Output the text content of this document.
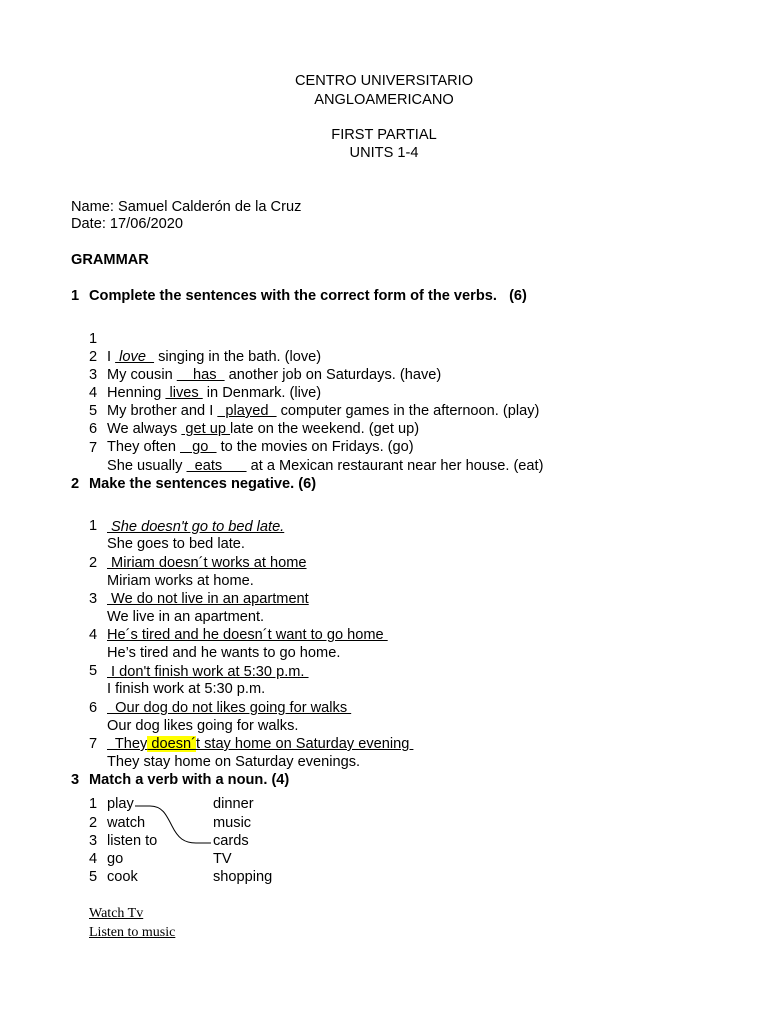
CENTRO UNIVERSITARIO
ANGLOAMERICANO
FIRST PARTIAL
UNITS 1-4
Name: Samuel Calderón de la Cruz
Date: 17/06/2020
GRAMMAR
1 Complete the sentences with the correct form of the verbs.   (6)

1

I  love   singing in the bath. (love)

2

My cousin     has   another job on Saturdays. (have)

3

Henning  lives  in Denmark. (live)

4

My brother and I   played   computer games in the afternoon. (play)

5

We always  get up late on the weekend. (get up)

6

They often    go   to the movies on Fridays. (go)

7

She usually   eats       at a Mexican restaurant near her house. (eat)

2 Make the sentences negative. (6)

1

She goes to bed late.

She doesn't go to bed late.

2

Miriam works at home.

Miriam doesn´t works at home

3

We live in an apartment.

We do not live in an apartment

4

He’s tired and he wants to go home.

He´s tired and he doesn´t want to go home

5

I finish work at 5:30 p.m.

I don't finish work at 5:30 p.m.

6

Our dog likes going for walks.

Our dog do not likes going for walks

7

They stay home on Saturday evenings.

They doesn´t stay home on Saturday evening
3 Match a verb with a noun. (4)
1 play	dinner
2 watch	music
3 listen to	cards
4 go	TV
5 cook	shopping
Watch Tv
Listen to music
